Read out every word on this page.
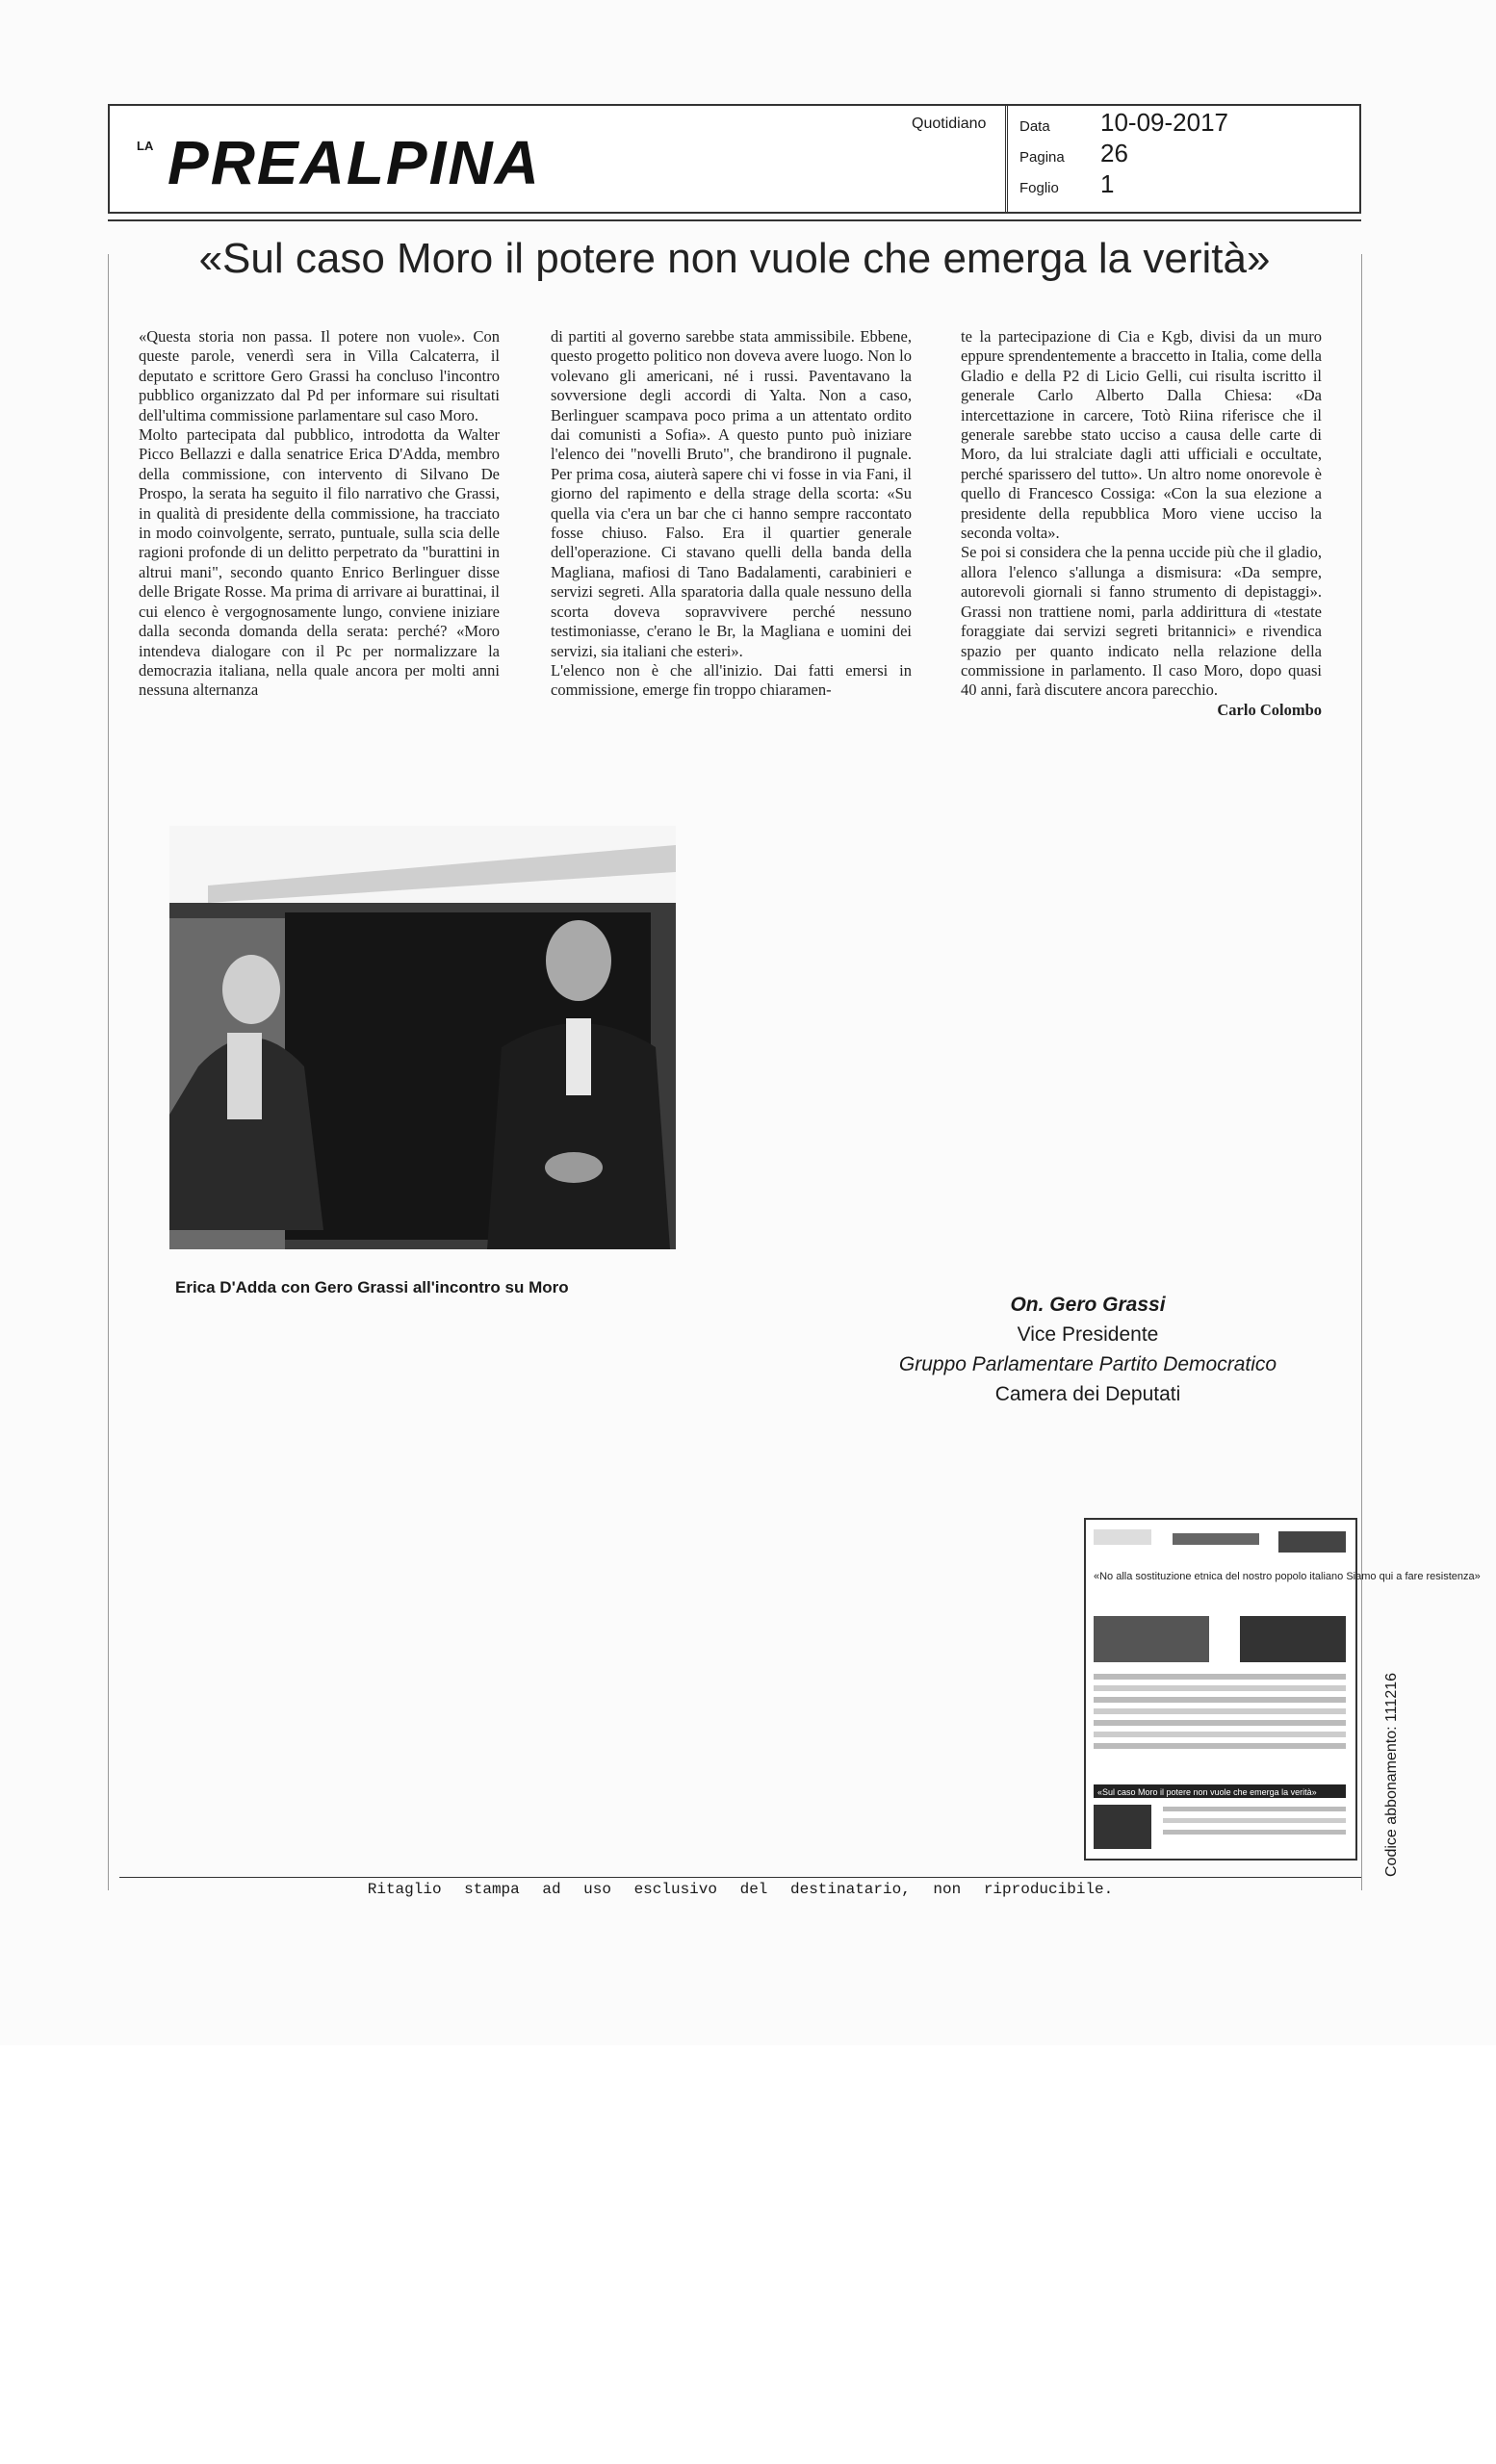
LA PREALPINA
Quotidiano Data 10-09-2017
Pagina 26
Foglio 1
«Sul caso Moro il potere non vuole che emerga la verità»

«Questa storia non passa. Il potere non vuole». Con queste parole, venerdì sera in Villa Calcaterra, il deputato e scrittore Gero Grassi ha concluso l'incontro pubblico organizzato dal Pd per informare sui risultati dell'ultima commissione parlamentare sul caso Moro.

Molto partecipata dal pubblico, introdotta da Walter Picco Bellazzi e dalla senatrice Erica D'Adda, membro della commissione, con intervento di Silvano De Prospo, la serata ha seguito il filo narrativo che Grassi, in qualità di presidente della commissione, ha tracciato in modo coinvolgente, serrato, puntuale, sulla scia delle ragioni profonde di un delitto perpetrato da "burattini in altrui mani", secondo quanto Enrico Berlinguer disse delle Brigate Rosse. Ma prima di arrivare ai burattinai, il cui elenco è vergognosamente lungo, conviene iniziare dalla seconda domanda della serata: perché? «Moro intendeva dialogare con il Pc per normalizzare la democrazia italiana, nella quale ancora per molti anni nessuna alternanza

di partiti al governo sarebbe stata ammissibile. Ebbene, questo progetto politico non doveva avere luogo. Non lo volevano gli americani, né i russi. Paventavano la sovversione degli accordi di Yalta. Non a caso, Berlinguer scampava poco prima a un attentato ordito dai comunisti a Sofia». A questo punto può iniziare l'elenco dei "novelli Bruto", che brandirono il pugnale. Per prima cosa, aiuterà sapere chi vi fosse in via Fani, il giorno del rapimento e della strage della scorta: «Su quella via c'era un bar che ci hanno sempre raccontato fosse chiuso. Falso. Era il quartier generale dell'operazione. Ci stavano quelli della banda della Magliana, mafiosi di Tano Badalamenti, carabinieri e servizi segreti. Alla sparatoria dalla quale nessuno della scorta doveva sopravvivere perché nessuno testimoniasse, c'erano le Br, la Magliana e uomini dei servizi, sia italiani che esteri».

L'elenco non è che all'inizio. Dai fatti emersi in commissione, emerge fin troppo chiaramen-

te la partecipazione di Cia e Kgb, divisi da un muro eppure sprendentemente a braccetto in Italia, come della Gladio e della P2 di Licio Gelli, cui risulta iscritto il generale Carlo Alberto Dalla Chiesa: «Da intercettazione in carcere, Totò Riina riferisce che il generale sarebbe stato ucciso a causa delle carte di Moro, da lui stralciate dagli atti ufficiali e occultate, perché sparissero del tutto». Un altro nome onorevole è quello di Francesco Cossiga: «Con la sua elezione a presidente della repubblica Moro viene ucciso la seconda volta».

Se poi si considera che la penna uccide più che il gladio, allora l'elenco s'allunga a dismisura: «Da sempre, autorevoli giornali si fanno strumento di depistaggi». Grassi non trattiene nomi, parla addirittura di «testate foraggiate dai servizi segreti britannici» e rivendica spazio per quanto indicato nella relazione della commissione in parlamento. Il caso Moro, dopo quasi 40 anni, farà discutere ancora parecchio.

Carlo Colombo

Erica D'Adda con Gero Grassi all'incontro su Moro
On. Gero Grassi
Vice Presidente
Gruppo Parlamentare Partito Democratico
Camera dei Deputati
«No alla sostituzione etnica del nostro popolo italiano Siamo qui a fare resistenza»
«Sul caso Moro il potere non vuole che emerga la verità»
Ritaglio stampa ad uso esclusivo del destinatario, non riproducibile.
Codice abbonamento: 111216
